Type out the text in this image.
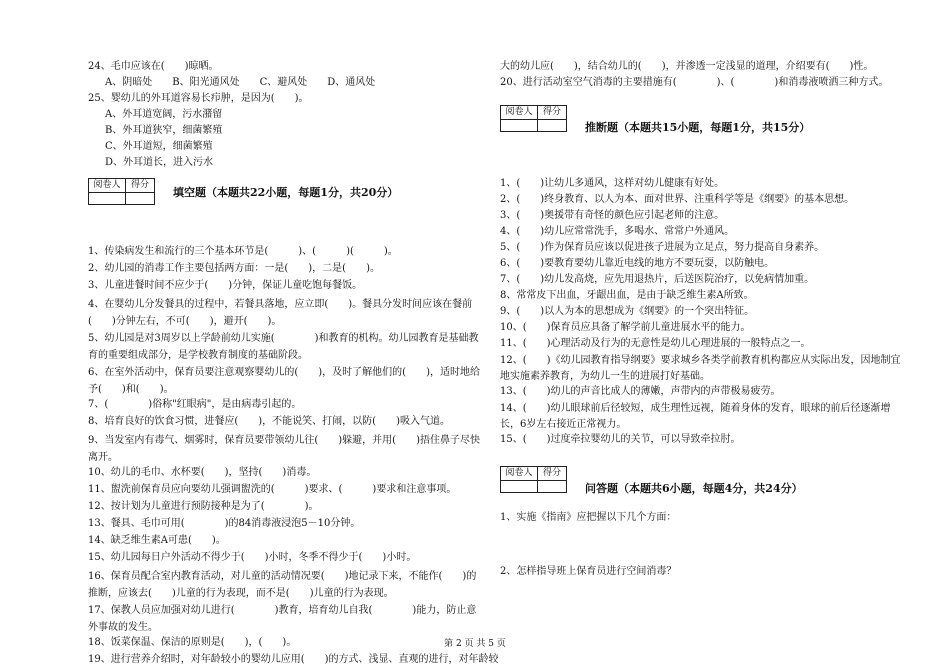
24、毛巾应该在(　　)晾晒。
A、阴暗处　　B、阳光通风处　　C、避风处　　D、通风处
25、婴幼儿的外耳道容易长疖肿，是因为(　　)。
A、外耳道宽阔，污水潴留
B、外耳道狭窄，细菌繁殖
C、外耳道短，细菌繁殖
D、外耳道长，进入污水
阅卷人	得分

填空题（本题共22小题，每题1分，共20分）
1、传染病发生和流行的三个基本环节是(　　　)、(　　　)(　　　)。
2、幼儿园的消毒工作主要包括两方面：一是(　　)，二是(　　)。
3、儿童进餐时间不应少于(　　)分钟，保证儿童吃饱每餐饭。
4、在婴幼儿分发餐具的过程中，若餐具落地，应立即(　　)。餐具分发时间应该在餐前(　　)分钟左右，不可(　　)，避开(　　)。
5、幼儿园是对3周岁以上学龄前幼儿实施(　　　　)和教育的机构。幼儿园教育是基础教育的重要组成部分，是学校教育制度的基础阶段。
6、在室外活动中，保育员要注意观察婴幼儿的(　　)，及时了解他们的(　　)，适时地给予(　　)和(　　)。
7、(　　　　)俗称"红眼病"，是由病毒引起的。
8、培育良好的饮食习惯，进餐应(　　)，不能说笑、打闹，以防(　　)吸入气道。
9、当发室内有毒气、烟雾时，保育员要带领幼儿往(　　)躲避，并用(　　)捂住鼻子尽快离开。
10、幼儿的毛巾、水杯要(　　)，坚持(　　)消毒。
11、盥洗前保育员应向要幼儿强调盥洗的(　　　)要求、(　　　)要求和注意事项。
12、按计划为儿童进行预防接种是为了(　　　　)。
13、餐具、毛巾可用(　　　　)的84消毒液浸泡5－10分钟。
14、缺乏维生素A可患(　　)。
15、幼儿园每日户外活动不得少于(　　)小时，冬季不得少于(　　)小时。
16、保育员配合室内教育活动，对儿童的活动情况要(　　)地记录下来，不能作(　　)的推断，应该去(　　)儿童的行为表现，而不是(　　)儿童的行为表现。
17、保教人员应加强对幼儿进行(　　　　)教育，培育幼儿自我(　　　　)能力，防止意外事故的发生。
18、饭菜保温、保洁的原则是(　　)，(　　)。
19、进行营养介绍时，对年龄较小的婴幼儿应用(　　)的方式、浅显、直观的进行，对年龄较
大的幼儿应(　　)，结合幼儿的(　　)，并渗透一定浅显的道理，介绍要有(　　)性。
20、进行活动室空气消毒的主要措施有(　　　　)、(　　　　)和消毒液喷洒三种方式。
阅卷人	得分

推断题（本题共15小题，每题1分，共15分）
1、(　　)让幼儿多通风，这样对幼儿健康有好处。
2、(　　)终身教育、以人为本、面对世界、注重科学等是《纲要》的基本思想。
3、(　　)奥援带有奇怪的颜色应引起老师的注意。
4、(　　)幼儿应常常洗手，多喝水、常常户外通风。
5、(　　)作为保育员应该以促进孩子进展为立足点，努力提高自身素养。
6、(　　)要教育要幼儿靠近电线的地方不要玩耍，以防触电。
7、(　　)幼儿发高烧，应先用退热片，后送医院治疗，以免病情加重。
8、常常皮下出血，牙龈出血，是由于缺乏维生素A所致。
9、(　　)以人为本的思想成为《纲要》的一个突出特征。
10、(　　)保育员应具备了解学前儿童进展水平的能力。
11、(　　)心理活动及行为的无意性是幼儿心理进展的一般特点之一。
12、(　　)《幼儿园教育指导纲要》要求城乡各类学前教育机构都应从实际出发，因地制宜地实施素养教育，为幼儿一生的进展打好基础。
13、(　　)幼儿的声音比成人的薄嫩，声带内的声带极易疲劳。
14、(　　)幼儿眼球前后径较短，成生理性远视，随着身体的发育，眼球的前后径逐渐增长，6岁左右接近正常视力。
15、(　　)过度牵拉婴幼儿的关节，可以导致牵拉肘。
阅卷人	得分

问答题（本题共6小题，每题4分，共24分）
1、实施《指南》应把握以下几个方面：
2、怎样指导班上保育员进行空间消毒？
第 2 页 共 5 页
